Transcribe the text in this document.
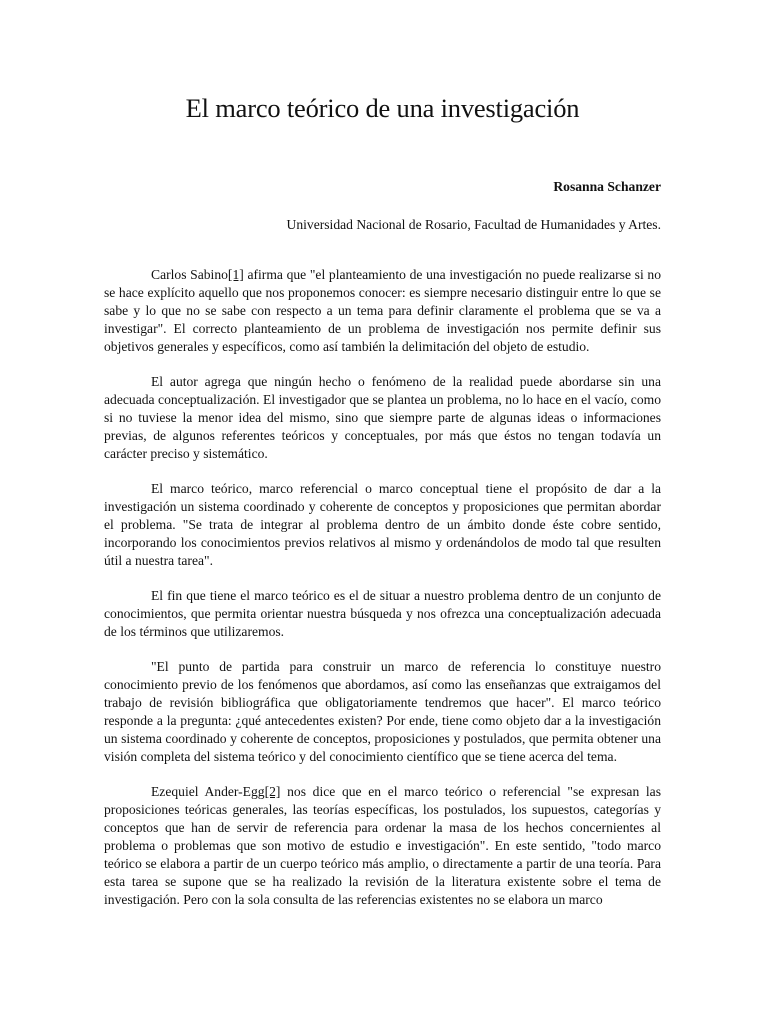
El marco teórico de una investigación

Rosanna Schanzer

Universidad Nacional de Rosario, Facultad de Humanidades y Artes.

Carlos Sabino[1] afirma que "el planteamiento de una investigación no puede realizarse si no se hace explícito aquello que nos proponemos conocer: es siempre necesario distinguir entre lo que se sabe y lo que no se sabe con respecto a un tema para definir claramente el problema que se va a investigar". El correcto planteamiento de un problema de investigación nos permite definir sus objetivos generales y específicos, como así también la delimitación del objeto de estudio.

El autor agrega que ningún hecho o fenómeno de la realidad puede abordarse sin una adecuada conceptualización. El investigador que se plantea un problema, no lo hace en el vacío, como si no tuviese la menor idea del mismo, sino que siempre parte de algunas ideas o informaciones previas, de algunos referentes teóricos y conceptuales, por más que éstos no tengan todavía un carácter preciso y sistemático.

El marco teórico, marco referencial o marco conceptual tiene el propósito de dar a la investigación un sistema coordinado y coherente de conceptos y proposiciones que permitan abordar el problema. "Se trata de integrar al problema dentro de un ámbito donde éste cobre sentido, incorporando los conocimientos previos relativos al mismo y ordenándolos de modo tal que resulten útil a nuestra tarea".

El fin que tiene el marco teórico es el de situar a nuestro problema dentro de un conjunto de conocimientos, que permita orientar nuestra búsqueda y nos ofrezca una conceptualización adecuada de los términos que utilizaremos.

"El punto de partida para construir un marco de referencia lo constituye nuestro conocimiento previo de los fenómenos que abordamos, así como las enseñanzas que extraigamos del trabajo de revisión bibliográfica que obligatoriamente tendremos que hacer". El marco teórico responde a la pregunta: ¿qué antecedentes existen? Por ende, tiene como objeto dar a la investigación un sistema coordinado y coherente de conceptos, proposiciones y postulados, que permita obtener una visión completa del sistema teórico y del conocimiento científico que se tiene acerca del tema.

Ezequiel Ander-Egg[2] nos dice que en el marco teórico o referencial "se expresan las proposiciones teóricas generales, las teorías específicas, los postulados, los supuestos, categorías y conceptos que han de servir de referencia para ordenar la masa de los hechos concernientes al problema o problemas que son motivo de estudio e investigación". En este sentido, "todo marco teórico se elabora a partir de un cuerpo teórico más amplio, o directamente a partir de una teoría. Para esta tarea se supone que se ha realizado la revisión de la literatura existente sobre el tema de investigación. Pero con la sola consulta de las referencias existentes no se elabora un marco
